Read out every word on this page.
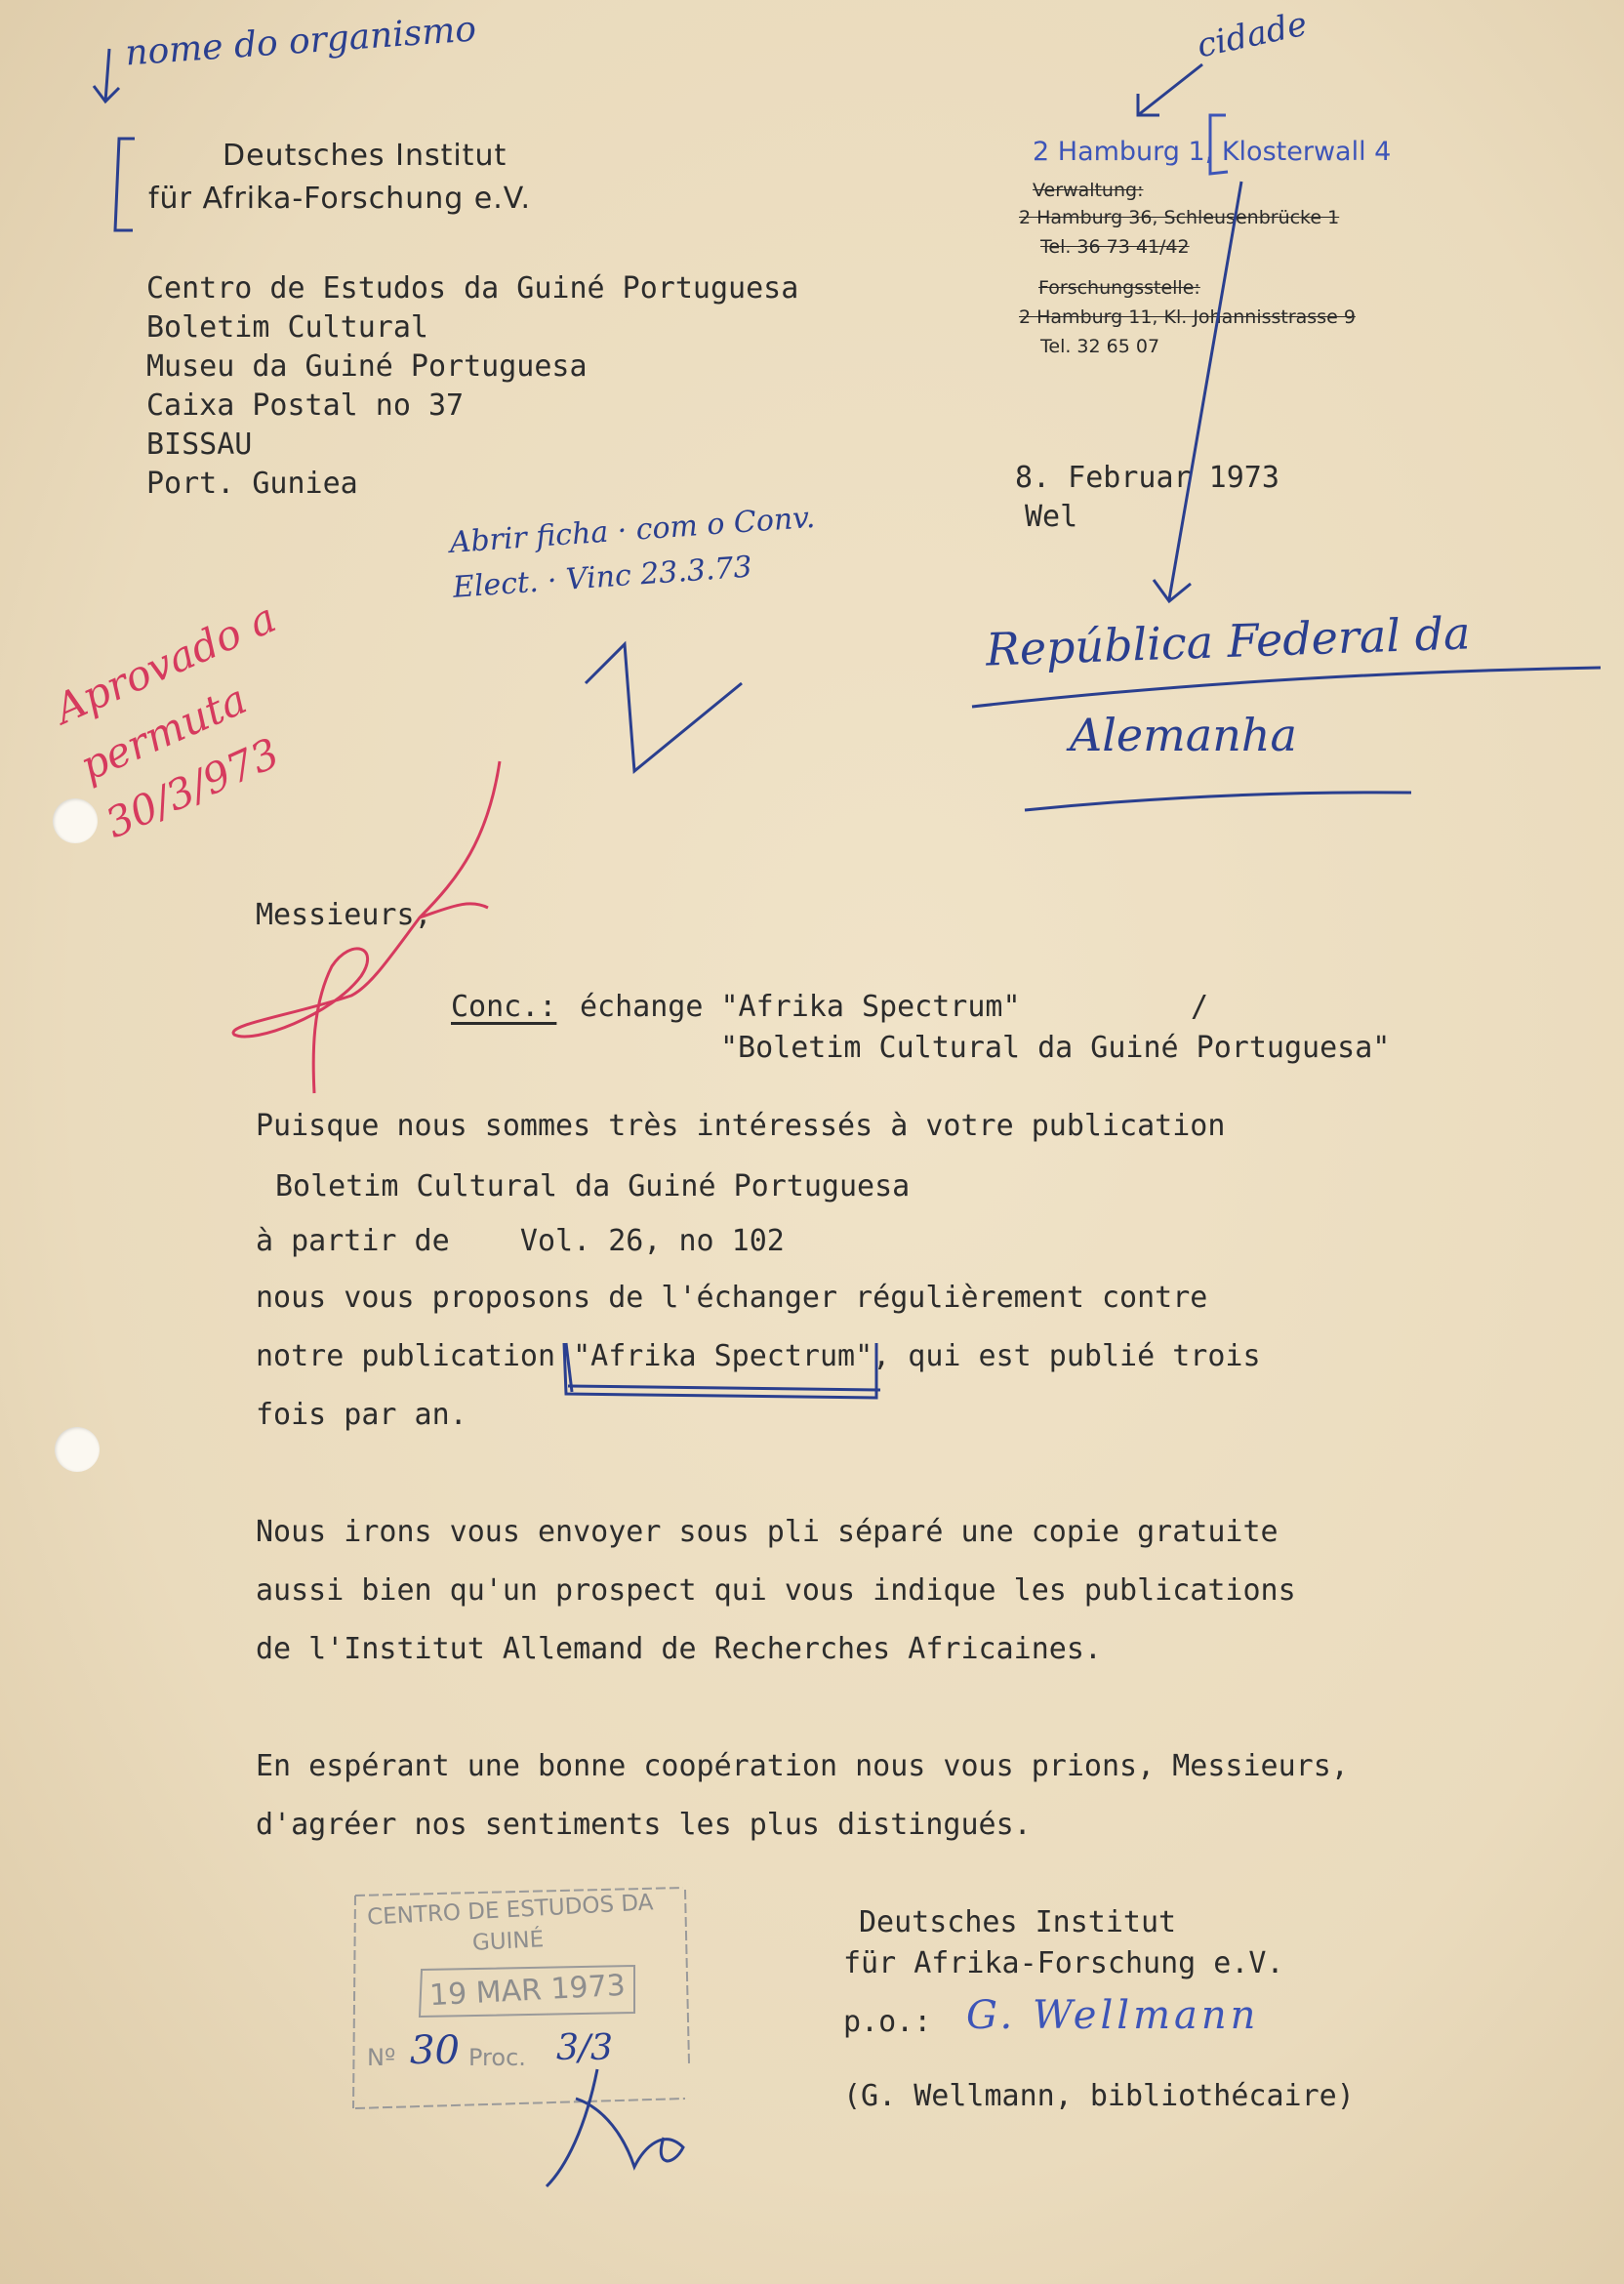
Deutsches Institut
für Afrika-Forschung e.V.
Centro de Estudos da Guiné Portuguesa
Boletim Cultural
Museu da Guiné Portuguesa
Caixa Postal no 37
BISSAU
Port. Guniea
2 Hamburg 1, Klosterwall 4
Verwaltung:
2 Hamburg 36, Schleusenbrücke 1
Tel. 36 73 41/42
Forschungsstelle:
2 Hamburg 11, Kl. Johannisstrasse 9
Tel. 32 65 07
8. Februar 1973
Wel
Messieurs,
Conc.: échange "Afrika Spectrum"	/
"Boletim Cultural da Guiné Portuguesa"
Puisque nous sommes très intéressés à votre publication
Boletim Cultural da Guiné Portuguesa
à partir de    Vol. 26, no 102
nous vous proposons de l'échanger régulièrement contre
notre publication "Afrika Spectrum", qui est publié trois
fois par an.
Nous irons vous envoyer sous pli séparé une copie gratuite
aussi bien qu'un prospect qui vous indique les publications
de l'Institut Allemand de Recherches Africaines.
En espérant une bonne coopération nous vous prions, Messieurs,
d'agréer nos sentiments les plus distingués.
Deutsches Institut
für Afrika-Forschung e.V.
p.o.: G. Wellmann
(G. Wellmann, bibliothécaire)
CENTRO DE ESTUDOS DA
GUINÉ
19 MAR 1973
Nº 30 Proc. 3/3
nome do organismo	cidade
Abrir ficha · com o Conv. Elect. · Vinc 23.3.73
República Federal da
Alemanha
Aprovado a permuta 30/3/973
